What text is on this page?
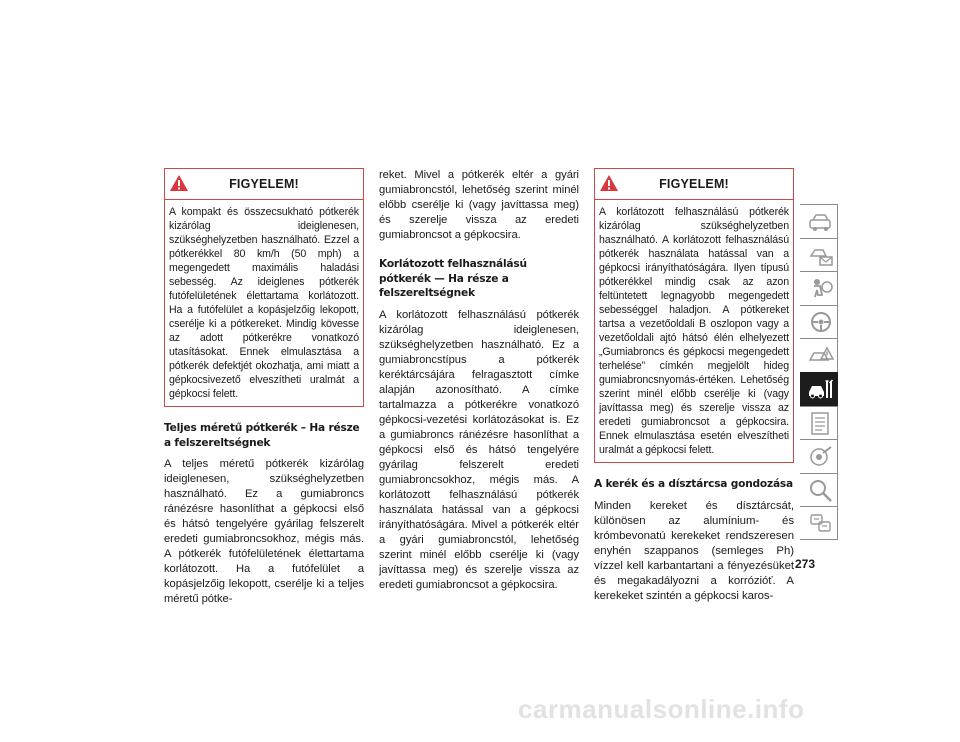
FIGYELEM!
A kompakt és összecsukható pótkerék kizárólag ideiglenesen, szükséghelyzetben használható. Ezzel a pótkerékkel 80 km/h (50 mph) a megengedett maximális haladási sebesség. Az ideiglenes pótkerék futófelületének élettartama korlátozott. Ha a futófelület a kopásjelzőig lekopott, cserélje ki a pótkereket. Mindig kövesse az adott pótkerékre vonatkozó utasításokat. Ennek elmulasztása a pótkerék defektjét okozhatja, ami miatt a gépkocsivezető elveszítheti uralmát a gépkocsi felett.
Teljes méretű pótkerék – Ha része a felszereltségnek
A teljes méretű pótkerék kizárólag ideiglenesen, szükséghelyzetben használható. Ez a gumiabroncs ránézésre hasonlíthat a gépkocsi első és hátsó tengelyére gyárilag felszerelt eredeti gumiabroncsokhoz, mégis más. A pótkerék futófelületének élettartama korlátozott. Ha a futófelület a kopásjelzőig lekopott, cserélje ki a teljes méretű pótke-
reket. Mivel a pótkerék eltér a gyári gumiabroncstól, lehetőség szerint minél előbb cserélje ki (vagy javíttassa meg) és szerelje vissza az eredeti gumiabroncsot a gépkocsira.
Korlátozott felhasználású pótkerék — Ha része a felszereltségnek
A korlátozott felhasználású pótkerék kizárólag ideiglenesen, szükséghelyzetben használható. Ez a gumiabroncstípus a pótkerék keréktárcsájára felragasztott címke alapján azonosítható. A címke tartalmazza a pótkerékre vonatkozó gépkocsi-vezetési korlátozásokat is. Ez a gumiabroncs ránézésre hasonlíthat a gépkocsi első és hátsó tengelyére gyárilag felszerelt eredeti gumiabroncsokhoz, mégis más. A korlátozott felhasználású pótkerék használata hatással van a gépkocsi irányíthatóságára. Mivel a pótkerék eltér a gyári gumiabroncstól, lehetőség szerint minél előbb cserélje ki (vagy javíttassa meg) és szerelje vissza az eredeti gumiabroncsot a gépkocsira.
FIGYELEM!
A korlátozott felhasználású pótkerék kizárólag szükséghelyzetben használható. A korlátozott felhasználású pótkerék használata hatással van a gépkocsi irányíthatóságára. Ilyen típusú pótkerékkel mindig csak az azon feltüntetett legnagyobb megengedett sebességgel haladjon. A pótkereket tartsa a vezetőoldali B oszlopon vagy a vezetőoldali ajtó hátsó élén elhelyezett „Gumiabroncs és gépkocsi megengedett terhelése” címkén megjelölt hideg gumiabroncsnyomás-értéken. Lehetőség szerint minél előbb cserélje ki (vagy javíttassa meg) és szerelje vissza az eredeti gumiabroncsot a gépkocsira. Ennek elmulasztása esetén elveszítheti uralmát a gépkocsi felett.
A kerék és a dísztárcsa gondozása
Minden kereket és dísztárcsát, különösen az alumínium- és krómbevonatú kerekeket rendszeresen enyhén szappanos (semleges Ph) vízzel kell karbantartani a fényezésüket és megakadályozni a korrózióť. A kerekeket szintén a gépkocsi karos-
273
carmanualsonline.info
